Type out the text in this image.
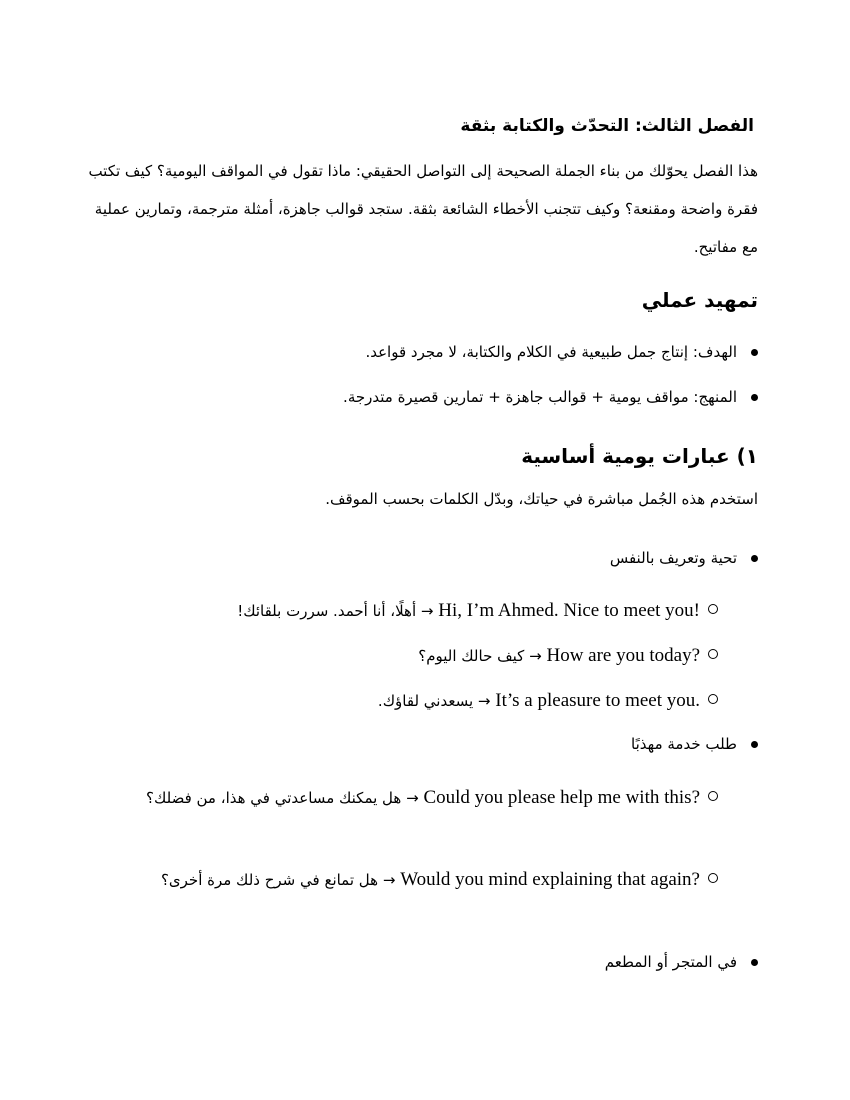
الفصل الثالث: التحدّث والكتابة بثقة

هذا الفصل يحوّلك من بناء الجملة الصحيحة إلى التواصل الحقيقي: ماذا تقول في المواقف اليومية؟ كيف تكتب فقرة واضحة ومقنعة؟ وكيف تتجنب الأخطاء الشائعة بثقة. ستجد قوالب جاهزة، أمثلة مترجمة، وتمارين عملية مع مفاتيح.

تمهيد عملي
الهدف: إنتاج جمل طبيعية في الكلام والكتابة، لا مجرد قواعد.
المنهج: مواقف يومية + قوالب جاهزة + تمارين قصيرة متدرجة.
١) عبارات يومية أساسية

استخدم هذه الجُمل مباشرة في حياتك، وبدّل الكلمات بحسب الموقف.

تحية وتعريف بالنفس
Hi, I’m Ahmed. Nice to meet you! → أهلًا، أنا أحمد. سررت بلقائك!
How are you today? → كيف حالك اليوم؟
It’s a pleasure to meet you. → يسعدني لقاؤك.
طلب خدمة مهذبًا
Could you please help me with this? → هل يمكنك مساعدتي في هذا، من فضلك؟
Would you mind explaining that again? → هل تمانع في شرح ذلك مرة أخرى؟
في المتجر أو المطعم
